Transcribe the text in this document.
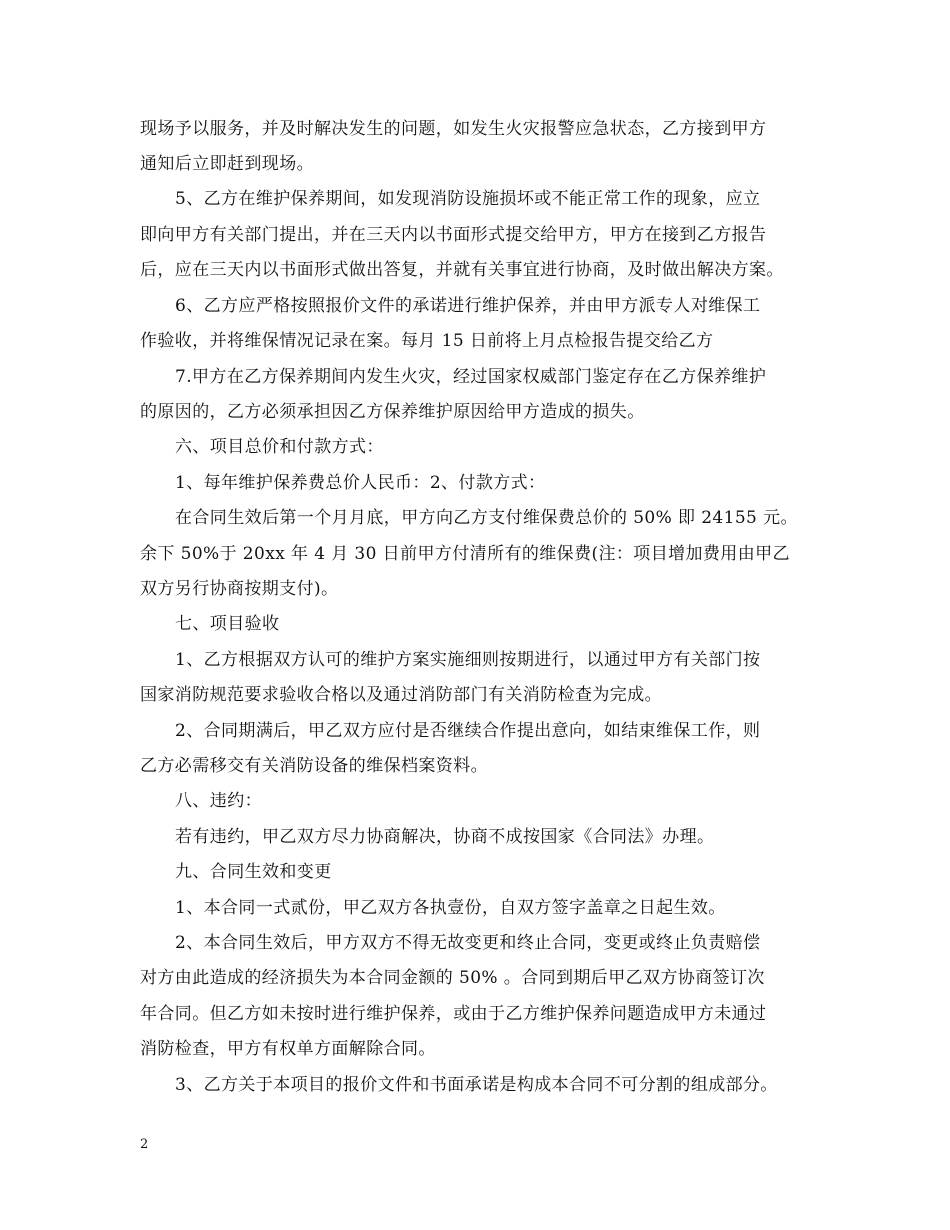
现场予以服务，并及时解决发生的问题，如发生火灾报警应急状态，乙方接到甲方
通知后立即赶到现场。
5、乙方在维护保养期间，如发现消防设施损坏或不能正常工作的现象，应立
即向甲方有关部门提出，并在三天内以书面形式提交给甲方，甲方在接到乙方报告
后，应在三天内以书面形式做出答复，并就有关事宜进行协商，及时做出解决方案。
6、乙方应严格按照报价文件的承诺进行维护保养，并由甲方派专人对维保工
作验收，并将维保情况记录在案。每月 15 日前将上月点检报告提交给乙方
7.甲方在乙方保养期间内发生火灾，经过国家权威部门鉴定存在乙方保养维护
的原因的，乙方必须承担因乙方保养维护原因给甲方造成的损失。
六、项目总价和付款方式：
1、每年维护保养费总价人民币：2、付款方式：
在合同生效后第一个月月底，甲方向乙方支付维保费总价的 50% 即 24155 元。
余下 50%于 20xx 年 4 月 30 日前甲方付清所有的维保费(注：项目增加费用由甲乙
双方另行协商按期支付)。
七、项目验收
1、乙方根据双方认可的维护方案实施细则按期进行，以通过甲方有关部门按
国家消防规范要求验收合格以及通过消防部门有关消防检查为完成。
2、合同期满后，甲乙双方应付是否继续合作提出意向，如结束维保工作，则
乙方必需移交有关消防设备的维保档案资料。
八、违约：
若有违约，甲乙双方尽力协商解决，协商不成按国家《合同法》办理。
九、合同生效和变更
1、本合同一式贰份，甲乙双方各执壹份，自双方签字盖章之日起生效。
2、本合同生效后，甲方双方不得无故变更和终止合同，变更或终止负责赔偿
对方由此造成的经济损失为本合同金额的 50% 。合同到期后甲乙双方协商签订次
年合同。但乙方如未按时进行维护保养，或由于乙方维护保养问题造成甲方未通过
消防检查，甲方有权单方面解除合同。
3、乙方关于本项目的报价文件和书面承诺是构成本合同不可分割的组成部分。
2
